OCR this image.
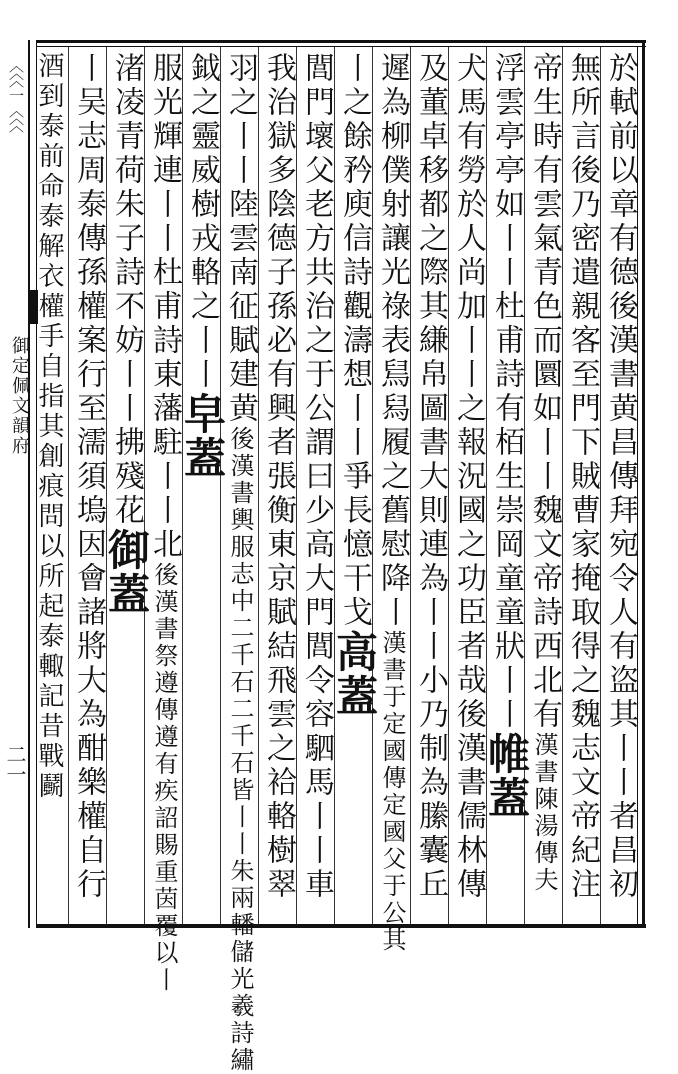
〈〈〈一〈〈〈
御定佩文韻府
二一	於軾前以章有德後漢書黄昌傳拜宛令人有盗其丨丨者昌初
無所言後乃密遣親客至門下賊曹家掩取得之魏志文帝紀注
帝生時有雲氣青色而圜如丨丨魏文帝詩西北有漢書陳湯傳夫
浮雲亭亭如丨丨杜甫詩有栢生崇岡童童狀丨丨帷蓋
犬馬有勞於人尚加丨丨之報況國之功臣者哉後漢書儒林傳
及董卓移都之際其縑帛圖書大則連為丨丨小乃制為縢囊丘
遲為柳僕射讓光祿表舃舄履之舊慰降丨漢書于定國傳定國父于公其
丨之餘矜庾信詩觀濤想丨丨爭長憶干戈高蓋
閭門壞父老方共治之于公謂曰少高大門閭令容駟馬丨丨車
我治獄多陰德子孫必有興者張衡東京賦結飛雲之袷輅樹翠
羽之丨丨陸雲南征賦建黄後漢書輿服志中二千石二千石皆丨丨朱兩轓儲光羲詩繡
鉞之靈威樹戎輅之丨丨皁蓋
服光輝連丨丨杜甫詩東藩駐丨丨北後漢書祭遵傳遵有疾詔賜重茵覆以丨
渚凌青荷朱子詩不妨丨丨拂殘花御蓋
丨吴志周泰傳孫權案行至濡須塢因會諸將大為酣樂權自行
酒到泰前命泰解衣權手自指其創痕問以所起泰輙記昔戰鬬
